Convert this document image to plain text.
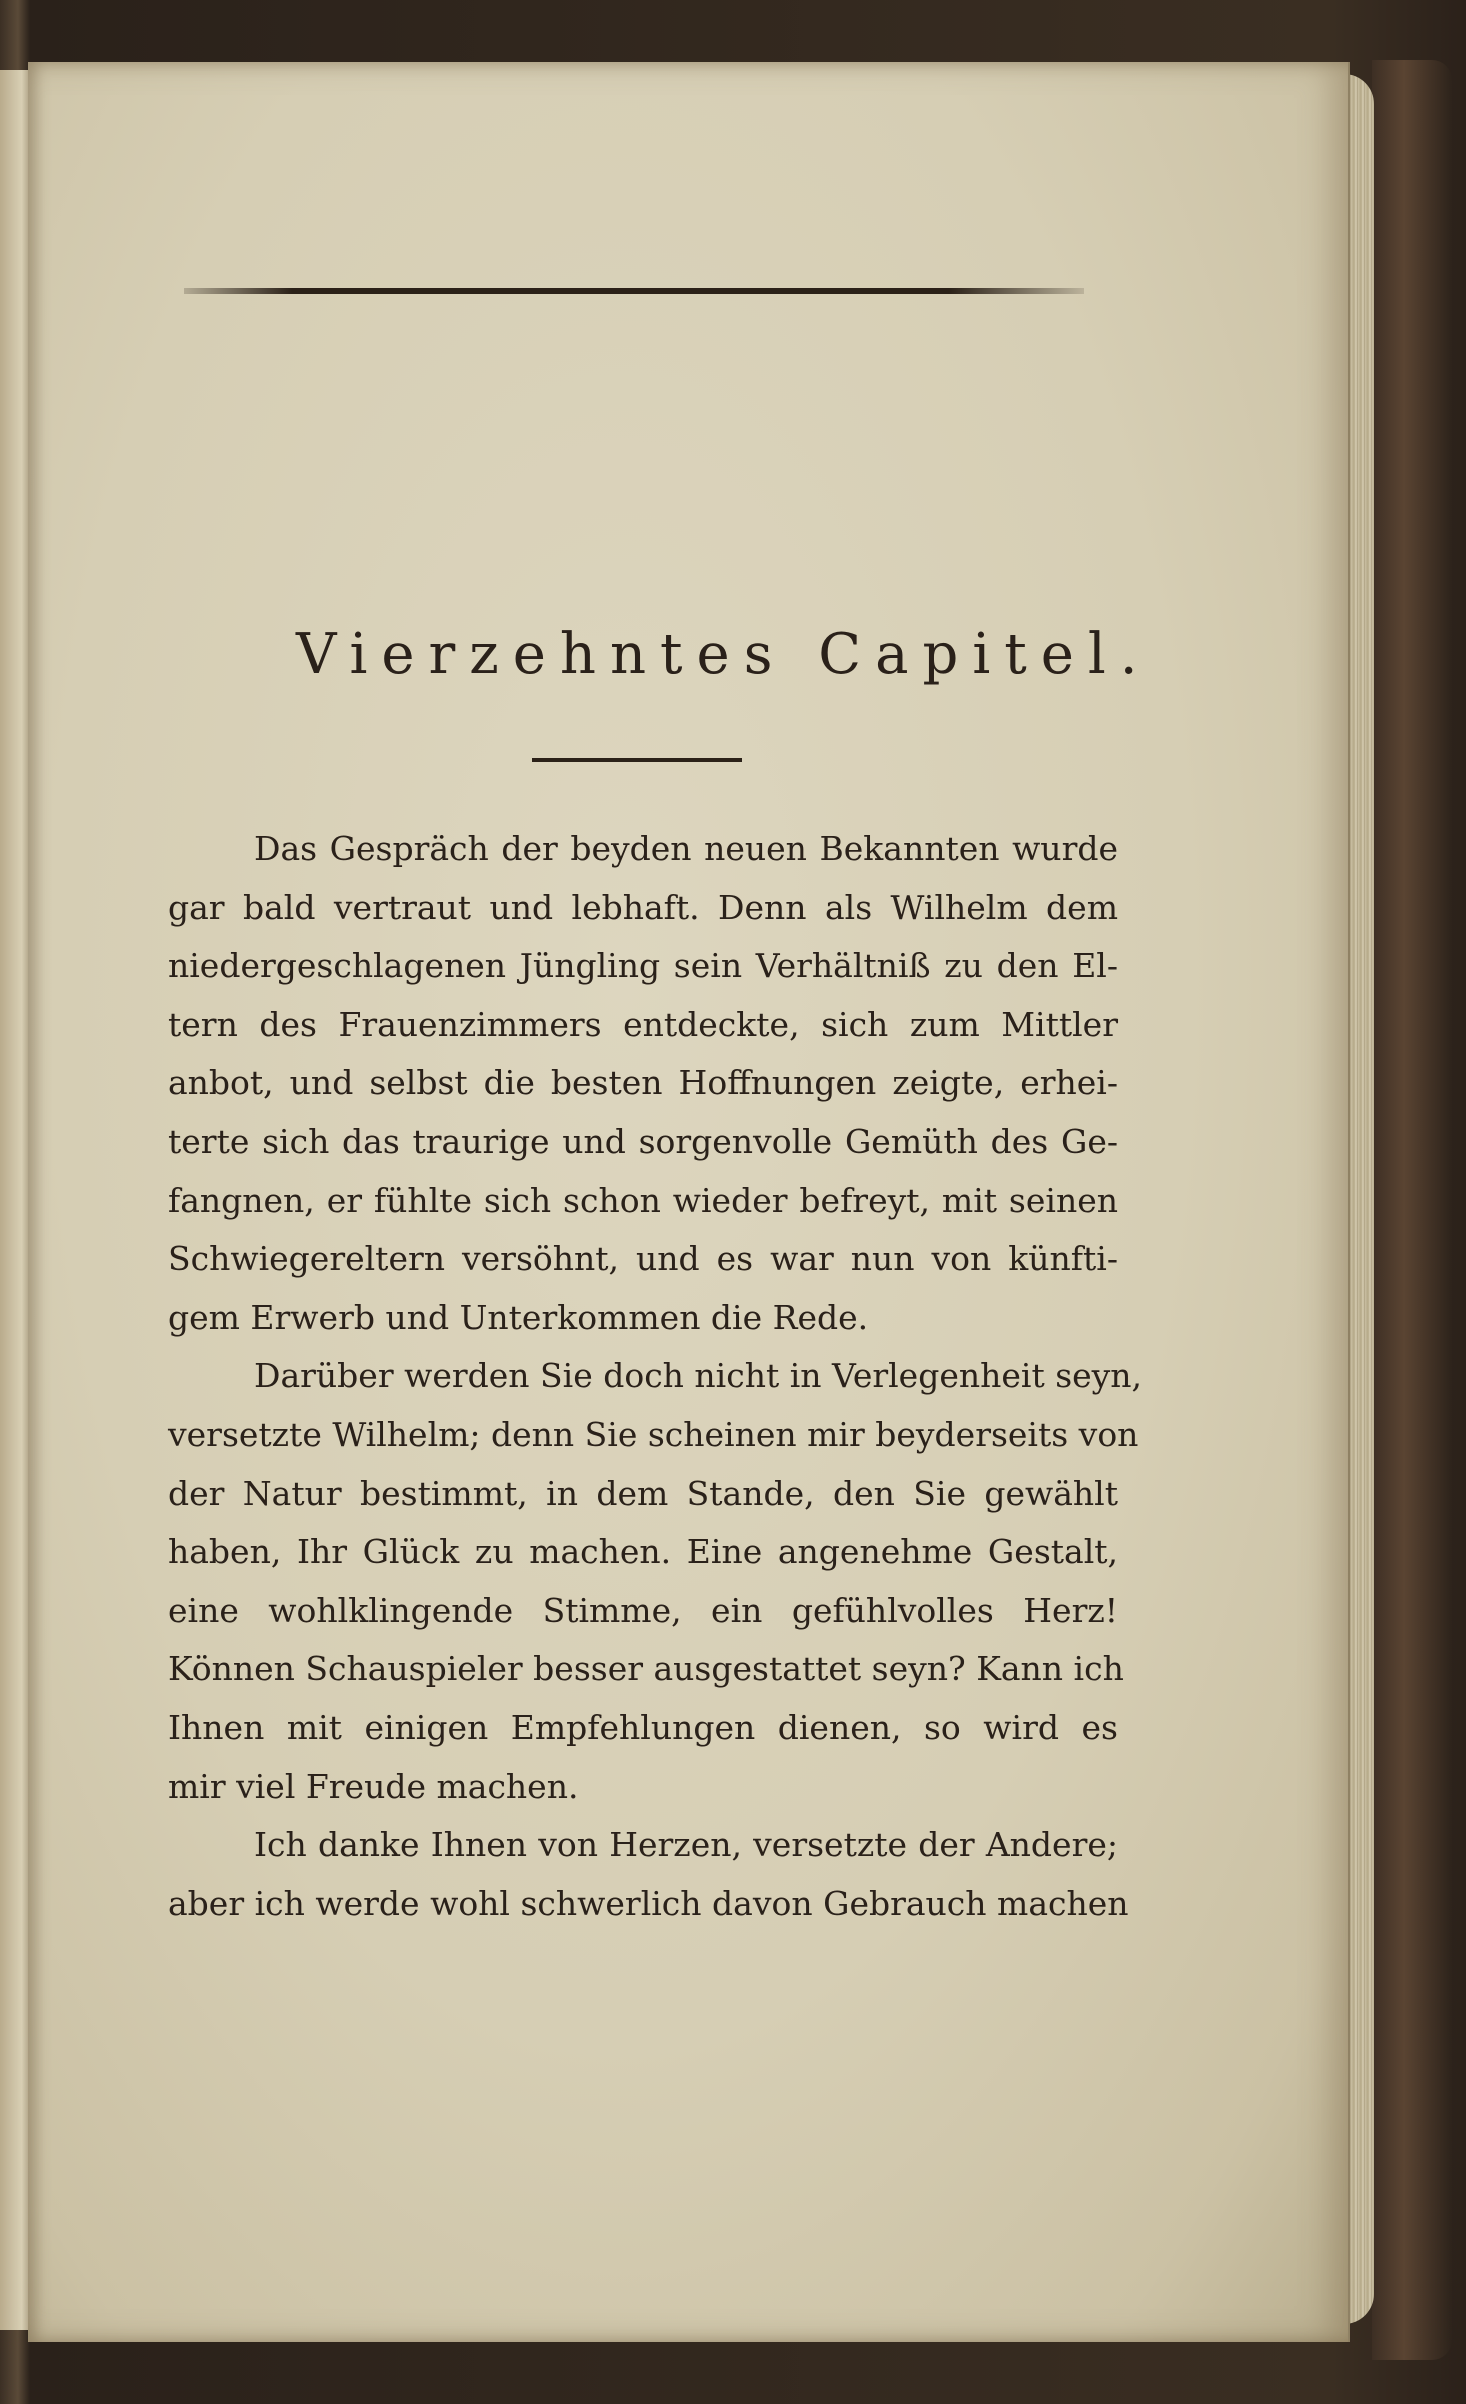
Vierzehntes Capitel.
Das Gespräch der beyden neuen Bekannten wurde
gar bald vertraut und lebhaft. Denn als Wilhelm dem
niedergeschlagenen Jüngling sein Verhältniß zu den El-
tern des Frauenzimmers entdeckte, sich zum Mittler
anbot, und selbst die besten Hoffnungen zeigte, erhei-
terte sich das traurige und sorgenvolle Gemüth des Ge-
fangnen, er fühlte sich schon wieder befreyt, mit seinen
Schwiegereltern versöhnt, und es war nun von künfti-
gem Erwerb und Unterkommen die Rede.
Darüber werden Sie doch nicht in Verlegenheit seyn,
versetzte Wilhelm; denn Sie scheinen mir beyderseits von
der Natur bestimmt, in dem Stande, den Sie gewählt
haben, Ihr Glück zu machen. Eine angenehme Gestalt,
eine wohlklingende Stimme, ein gefühlvolles Herz!
Können Schauspieler besser ausgestattet seyn? Kann ich
Ihnen mit einigen Empfehlungen dienen, so wird es
mir viel Freude machen.
Ich danke Ihnen von Herzen, versetzte der Andere;
aber ich werde wohl schwerlich davon Gebrauch machen
